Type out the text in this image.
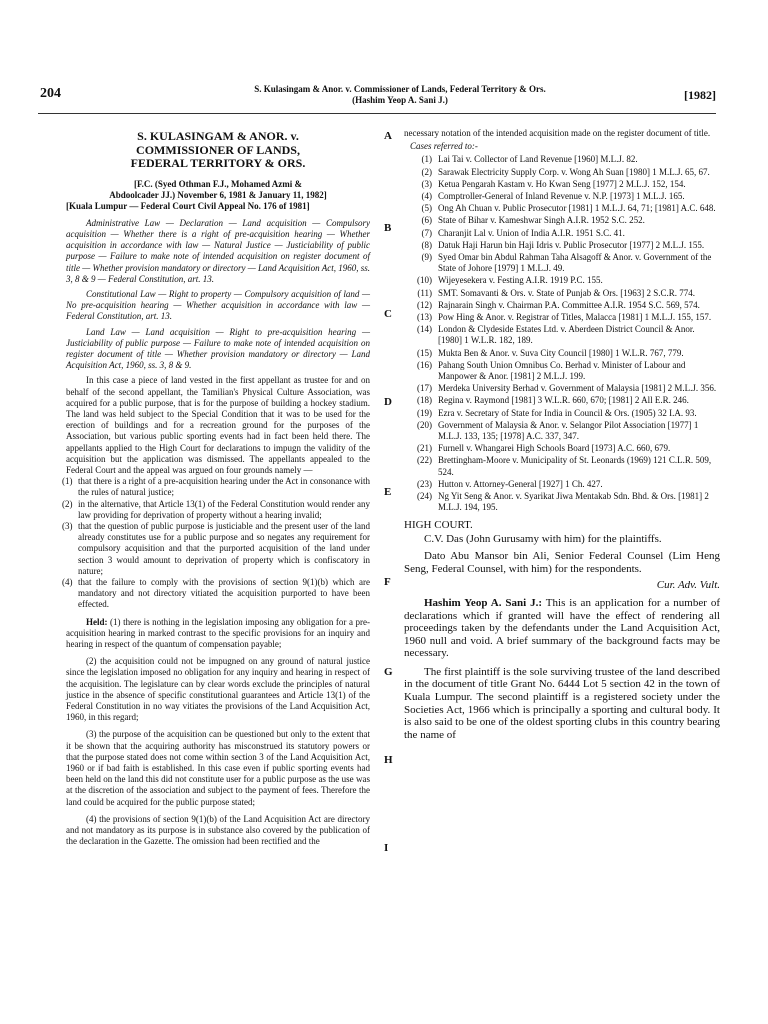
204	S. Kulasingam & Anor. v. Commissioner of Lands, Federal Territory & Ors.
(Hashim Yeop A. Sani J.)	[1982]
A
B
C
D
E
F
G
H
I
S. KULASINGAM & ANOR. v.
COMMISSIONER OF LANDS,
FEDERAL TERRITORY & ORS.
[F.C. (Syed Othman F.J., Mohamed Azmi &
Abdoolcader JJ.) November 6, 1981 & January 11, 1982]
[Kuala Lumpur — Federal Court Civil Appeal No. 176 of 1981]

Administrative Law — Declaration — Land acquisition — Compulsory acquisition — Whether there is a right of pre-acquisition hearing — Whether acquisition in accordance with law — Natural Justice — Justiciability of public purpose — Failure to make note of intended acquisition on register document of title — Whether provision mandatory or directory — Land Acquisition Act, 1960, ss. 3, 8 & 9 — Federal Constitution, art. 13.

Constitutional Law — Right to property — Compulsory acquisition of land — No pre-acquisition hearing — Whether acquisition in accordance with law — Federal Constitution, art. 13.

Land Law — Land acquisition — Right to pre-acquisition hearing — Justiciability of public purpose — Failure to make note of intended acquisition on register document of title — Whether provision mandatory or directory — Land Acquisition Act, 1960, ss. 3, 8 & 9.

In this case a piece of land vested in the first appellant as trustee for and on behalf of the second appellant, the Tamilian's Physical Culture Association, was acquired for a public purpose, that is for the purpose of building a hockey stadium. The land was held subject to the Special Condition that it was to be used for the erection of buildings and for a recreation ground for the purposes of the Association, but various public sporting events had in fact been held there. The appellants applied to the High Court for declarations to impugn the validity of the acquisition but the application was dismissed. The appellants appealed to the Federal Court and the appeal was argued on four grounds namely —

(1) that there is a right of a pre-acquisition hearing under the Act in consonance with the rules of natural justice;
(2) in the alternative, that Article 13(1) of the Federal Constitution would render any law providing for deprivation of property without a hearing invalid;
(3) that the question of public purpose is justiciable and the present user of the land already constitutes use for a public purpose and so negates any requirement for compulsory acquisition and that the purported acquisition of the land under section 3 would amount to deprivation of property which is confiscatory in nature;
(4) that the failure to comply with the provisions of section 9(1)(b) which are mandatory and not directory vitiated the acquisition purported to have been effected.

Held: (1) there is nothing in the legislation imposing any obligation for a pre-acquisition hearing in marked contrast to the specific provisions for an inquiry and hearing in respect of the quantum of compensation payable;

(2) the acquisition could not be impugned on any ground of natural justice since the legislation imposed no obligation for any inquiry and hearing in respect of the acquisition. The legislature can by clear words exclude the principles of natural justice in the absence of specific constitutional guarantees and Article 13(1) of the Federal Constitution in no way vitiates the provisions of the Land Acquisition Act, 1960, in this regard;

(3) the purpose of the acquisition can be questioned but only to the extent that it be shown that the acquiring authority has misconstrued its statutory powers or that the purpose stated does not come within section 3 of the Land Acquisition Act, 1960 or if bad faith is established. In this case even if public sporting events had been held on the land this did not constitute user for a public purpose as the use was at the discretion of the association and subject to the payment of fees. Therefore the land could be acquired for the public purpose stated;

(4) the provisions of section 9(1)(b) of the Land Acquisition Act are directory and not mandatory as its purpose is in substance also covered by the publication of the declaration in the Gazette. The omission had been rectified and the

necessary notation of the intended acquisition made on the register document of title.

Cases referred to:-
(1) Lai Tai v. Collector of Land Revenue [1960] M.L.J. 82.
(2) Sarawak Electricity Supply Corp. v. Wong Ah Suan [1980] 1 M.L.J. 65, 67.
(3) Ketua Pengarah Kastam v. Ho Kwan Seng [1977] 2 M.L.J. 152, 154.
(4) Comptroller-General of Inland Revenue v. N.P. [1973] 1 M.L.J. 165.
(5) Ong Ah Chuan v. Public Prosecutor [1981] 1 M.L.J. 64, 71; [1981] A.C. 648.
(6) State of Bihar v. Kameshwar Singh A.I.R. 1952 S.C. 252.
(7) Charanjit Lal v. Union of India A.I.R. 1951 S.C. 41.
(8) Datuk Haji Harun bin Haji Idris v. Public Prosecutor [1977] 2 M.L.J. 155.
(9) Syed Omar bin Abdul Rahman Taha Alsagoff & Anor. v. Government of the State of Johore [1979] 1 M.L.J. 49.
(10) Wijeyesekera v. Festing A.I.R. 1919 P.C. 155.
(11) SMT. Somavanti & Ors. v. State of Punjab & Ors. [1963] 2 S.C.R. 774.
(12) Rajnarain Singh v. Chairman P.A. Committee A.I.R. 1954 S.C. 569, 574.
(13) Pow Hing & Anor. v. Registrar of Titles, Malacca [1981] 1 M.L.J. 155, 157.
(14) London & Clydeside Estates Ltd. v. Aberdeen District Council & Anor. [1980] 1 W.L.R. 182, 189.
(15) Mukta Ben & Anor. v. Suva City Council [1980] 1 W.L.R. 767, 779.
(16) Pahang South Union Omnibus Co. Berhad v. Minister of Labour and Manpower & Anor. [1981] 2 M.L.J. 199.
(17) Merdeka University Berhad v. Government of Malaysia [1981] 2 M.L.J. 356.
(18) Regina v. Raymond [1981] 3 W.L.R. 660, 670; [1981] 2 All E.R. 246.
(19) Ezra v. Secretary of State for India in Council & Ors. (1905) 32 I.A. 93.
(20) Government of Malaysia & Anor. v. Selangor Pilot Association [1977] 1 M.L.J. 133, 135; [1978] A.C. 337, 347.
(21) Furnell v. Whangarei High Schools Board [1973] A.C. 660, 679.
(22) Brettingham-Moore v. Municipality of St. Leonards (1969) 121 C.L.R. 509, 524.
(23) Hutton v. Attorney-General [1927] 1 Ch. 427.
(24) Ng Yit Seng & Anor. v. Syarikat Jiwa Mentakab Sdn. Bhd. & Ors. [1981] 2 M.L.J. 194, 195.
HIGH COURT.

C.V. Das (John Gurusamy with him) for the plaintiffs.

Dato Abu Mansor bin Ali, Senior Federal Counsel (Lim Heng Seng, Federal Counsel, with him) for the respondents.

Cur. Adv. Vult.

Hashim Yeop A. Sani J.: This is an application for a number of declarations which if granted will have the effect of rendering all proceedings taken by the defendants under the Land Acquisition Act, 1960 null and void. A brief summary of the background facts may be necessary.

The first plaintiff is the sole surviving trustee of the land described in the document of title Grant No. 6444 Lot 5 section 42 in the town of Kuala Lumpur. The second plaintiff is a registered society under the Societies Act, 1966 which is principally a sporting and cultural body. It is also said to be one of the oldest sporting clubs in this country bearing the name of
